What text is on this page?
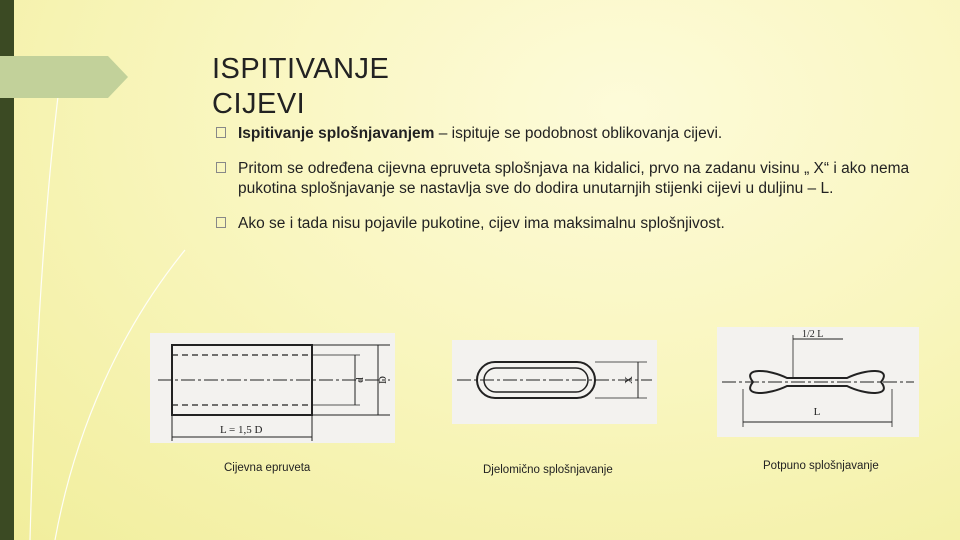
ISPITIVANJE
CIJEVI
Ispitivanje splošnjavanjem – ispituje se podobnost oblikovanja cijevi.
Pritom se određena cijevna epruveta splošnjava na kidalici, prvo na zadanu visinu „ X“ i ako nema pukotina splošnjavanje se nastavlja sve do dodira unutarnjih stijenki cijevi u duljinu – L.
Ako se i tada nisu pojavile pukotine, cijev ima maksimalnu splošnjivost.
L = 1,5 D
D
d
Cijevna epruveta
X
Djelomično splošnjavanje
1/2 L
L
Potpuno splošnjavanje
